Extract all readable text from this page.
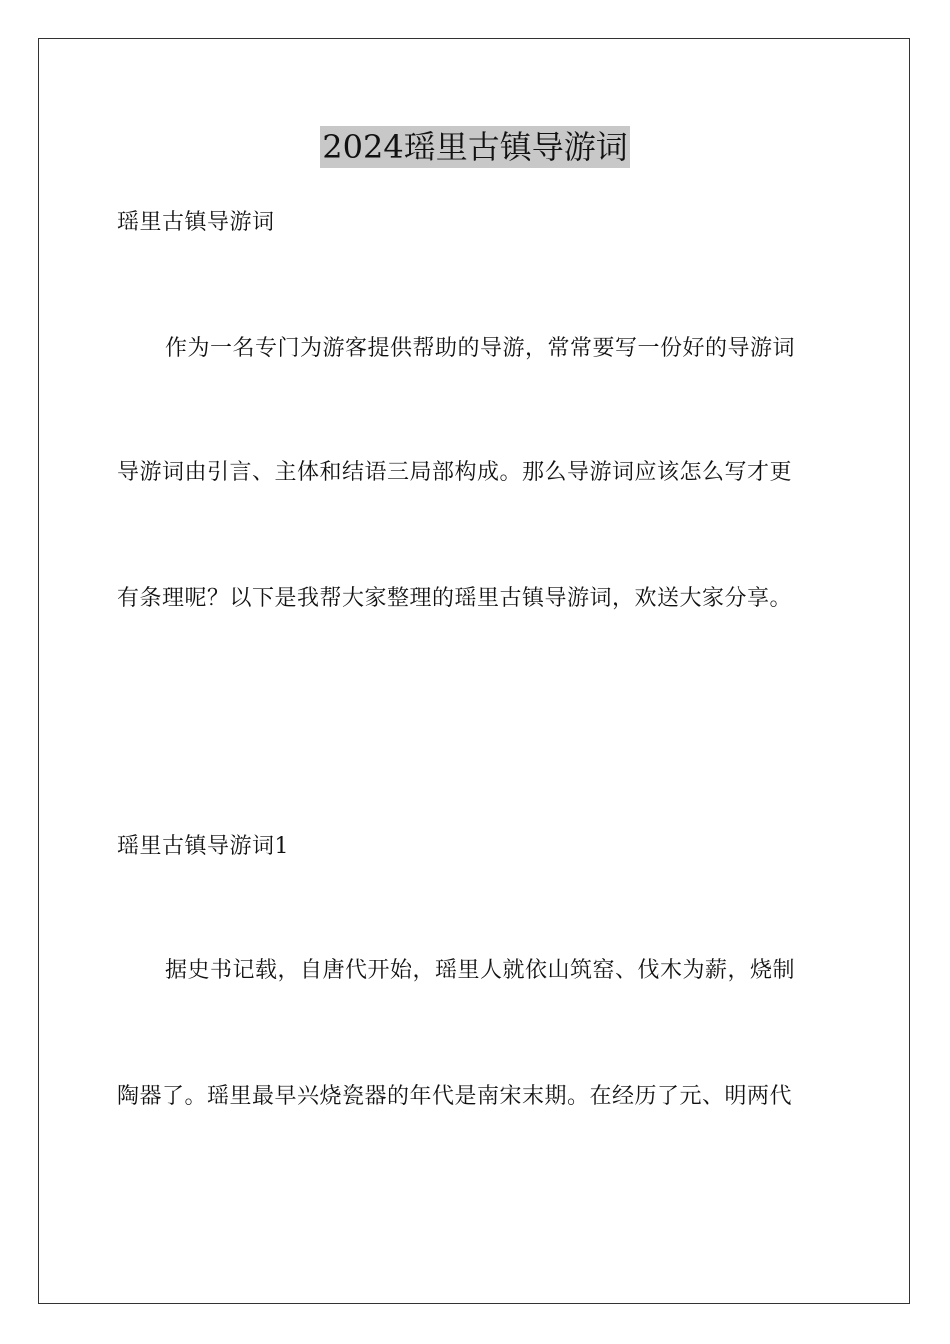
2024瑶里古镇导游词
瑶里古镇导游词
作为一名专门为游客提供帮助的导游，常常要写一份好的导游词
导游词由引言、主体和结语三局部构成。那么导游词应该怎么写才更
有条理呢？以下是我帮大家整理的瑶里古镇导游词，欢送大家分享。
瑶里古镇导游词1
据史书记载，自唐代开始，瑶里人就依山筑窑、伐木为薪，烧制
陶器了。瑶里最早兴烧瓷器的年代是南宋末期。在经历了元、明两代
